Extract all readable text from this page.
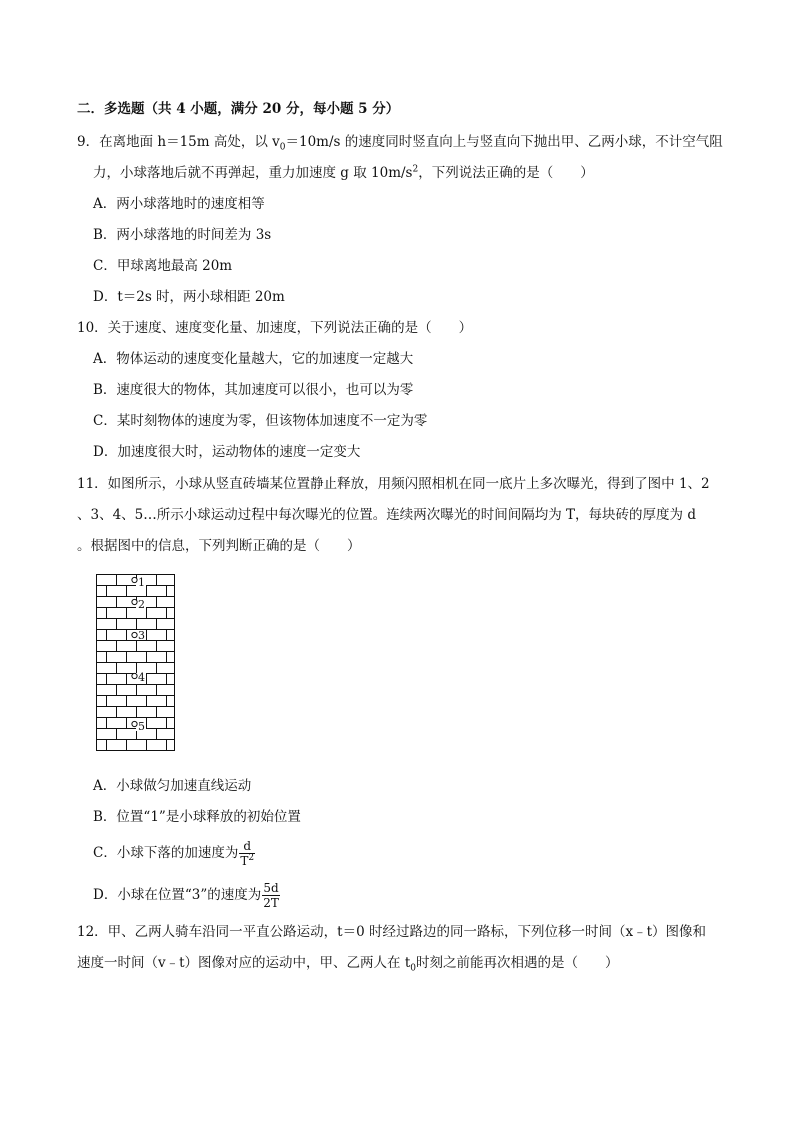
二．多选题（共 4 小题，满分 20 分，每小题 5 分）
9．在离地面 h＝15m 高处，以 $v_0=10m/s$ 的速度同时竖直向上与竖直向下抛出甲、乙两小球，不计空气阻
力，小球落地后就不再弹起，重力加速度 g 取 $10m/s^2$，下列说法正确的是（　　）
A．两小球落地时的速度相等
B．两小球落地的时间差为 3s
C．甲球离地最高 20m
D．t＝2s 时，两小球相距 20m
10．关于速度、速度变化量、加速度，下列说法正确的是（　　）
A．物体运动的速度变化量越大，它的加速度一定越大
B．速度很大的物体，其加速度可以很小，也可以为零
C．某时刻物体的速度为零，但该物体加速度不一定为零
D．加速度很大时，运动物体的速度一定变大
11．如图所示，小球从竖直砖墙某位置静止释放，用频闪照相机在同一底片上多次曝光，得到了图中 1、2
、3、4、5…所示小球运动过程中每次曝光的位置。连续两次曝光的时间间隔均为 T，每块砖的厚度为 d
。根据图中的信息，下列判断正确的是（　　）
1
2
3
4
5
A．小球做匀加速直线运动
B．位置“1”是小球释放的初始位置
C．小球下落的加速度为 $\frac{d}{T^2}$
D．小球在位置“3”的速度为 $\frac{5d}{2T}$
12．甲、乙两人骑车沿同一平直公路运动，t＝0 时经过路边的同一路标，下列位移一时间（x﹣t）图像和
速度一时间（v﹣t）图像对应的运动中，甲、乙两人在 $t_0$时刻之前能再次相遇的是（　　）
